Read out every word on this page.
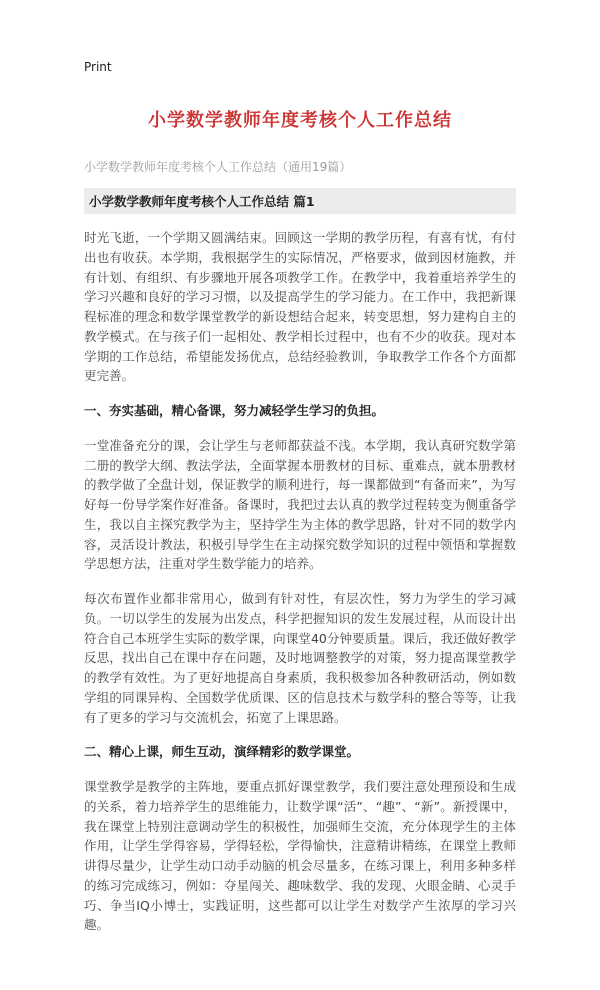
Print
小学数学教师年度考核个人工作总结
小学数学教师年度考核个人工作总结（通用19篇）
小学数学教师年度考核个人工作总结 篇1

时光飞逝，一个学期又圆满结束。回顾这一学期的教学历程，有喜有忧，有付出也有收获。本学期，我根据学生的实际情况，严格要求，做到因材施教，并有计划、有组织、有步骤地开展各项教学工作。在教学中，我着重培养学生的学习兴趣和良好的学习习惯，以及提高学生的学习能力。在工作中，我把新课程标准的理念和数学课堂教学的新设想结合起来，转变思想，努力建构自主的教学模式。在与孩子们一起相处、教学相长过程中，也有不少的收获。现对本学期的工作总结，希望能发扬优点，总结经验教训，争取教学工作各个方面都更完善。

一、夯实基础，精心备课，努力减轻学生学习的负担。

一堂准备充分的课，会让学生与老师都获益不浅。本学期，我认真研究数学第二册的教学大纲、教法学法，全面掌握本册教材的目标、重难点，就本册教材的教学做了全盘计划，保证教学的顺利进行，每一课都做到“有备而来”，为写好每一份导学案作好准备。备课时，我把过去认真的教学过程转变为侧重备学生，我以自主探究教学为主，坚持学生为主体的教学思路，针对不同的数学内容，灵活设计教法，积极引导学生在主动探究数学知识的过程中领悟和掌握数学思想方法，注重对学生数学能力的培养。

每次布置作业都非常用心，做到有针对性，有层次性，努力为学生的学习减负。一切以学生的发展为出发点，科学把握知识的发生发展过程，从而设计出符合自己本班学生实际的数学课，向课堂40分钟要质量。课后，我还做好教学反思，找出自己在课中存在问题，及时地调整教学的对策，努力提高课堂教学的教学有效性。为了更好地提高自身素质，我积极参加各种教研活动，例如数学组的同课异构、全国数学优质课、区的信息技术与数学科的整合等等，让我有了更多的学习与交流机会，拓宽了上课思路。

二、精心上课，师生互动，演绎精彩的数学课堂。

课堂教学是教学的主阵地，要重点抓好课堂教学，我们要注意处理预设和生成的关系，着力培养学生的思维能力，让数学课“活”、“趣”、“新”。新授课中，我在课堂上特别注意调动学生的积极性，加强师生交流，充分体现学生的主体作用，让学生学得容易，学得轻松，学得愉快，注意精讲精练，在课堂上教师讲得尽量少，让学生动口动手动脑的机会尽量多，在练习课上，利用多种多样的练习完成练习，例如：夺星闯关、趣味数学、我的发现、火眼金睛、心灵手巧、争当IQ小博士，实践证明，这些都可以让学生对数学产生浓厚的学习兴趣。
